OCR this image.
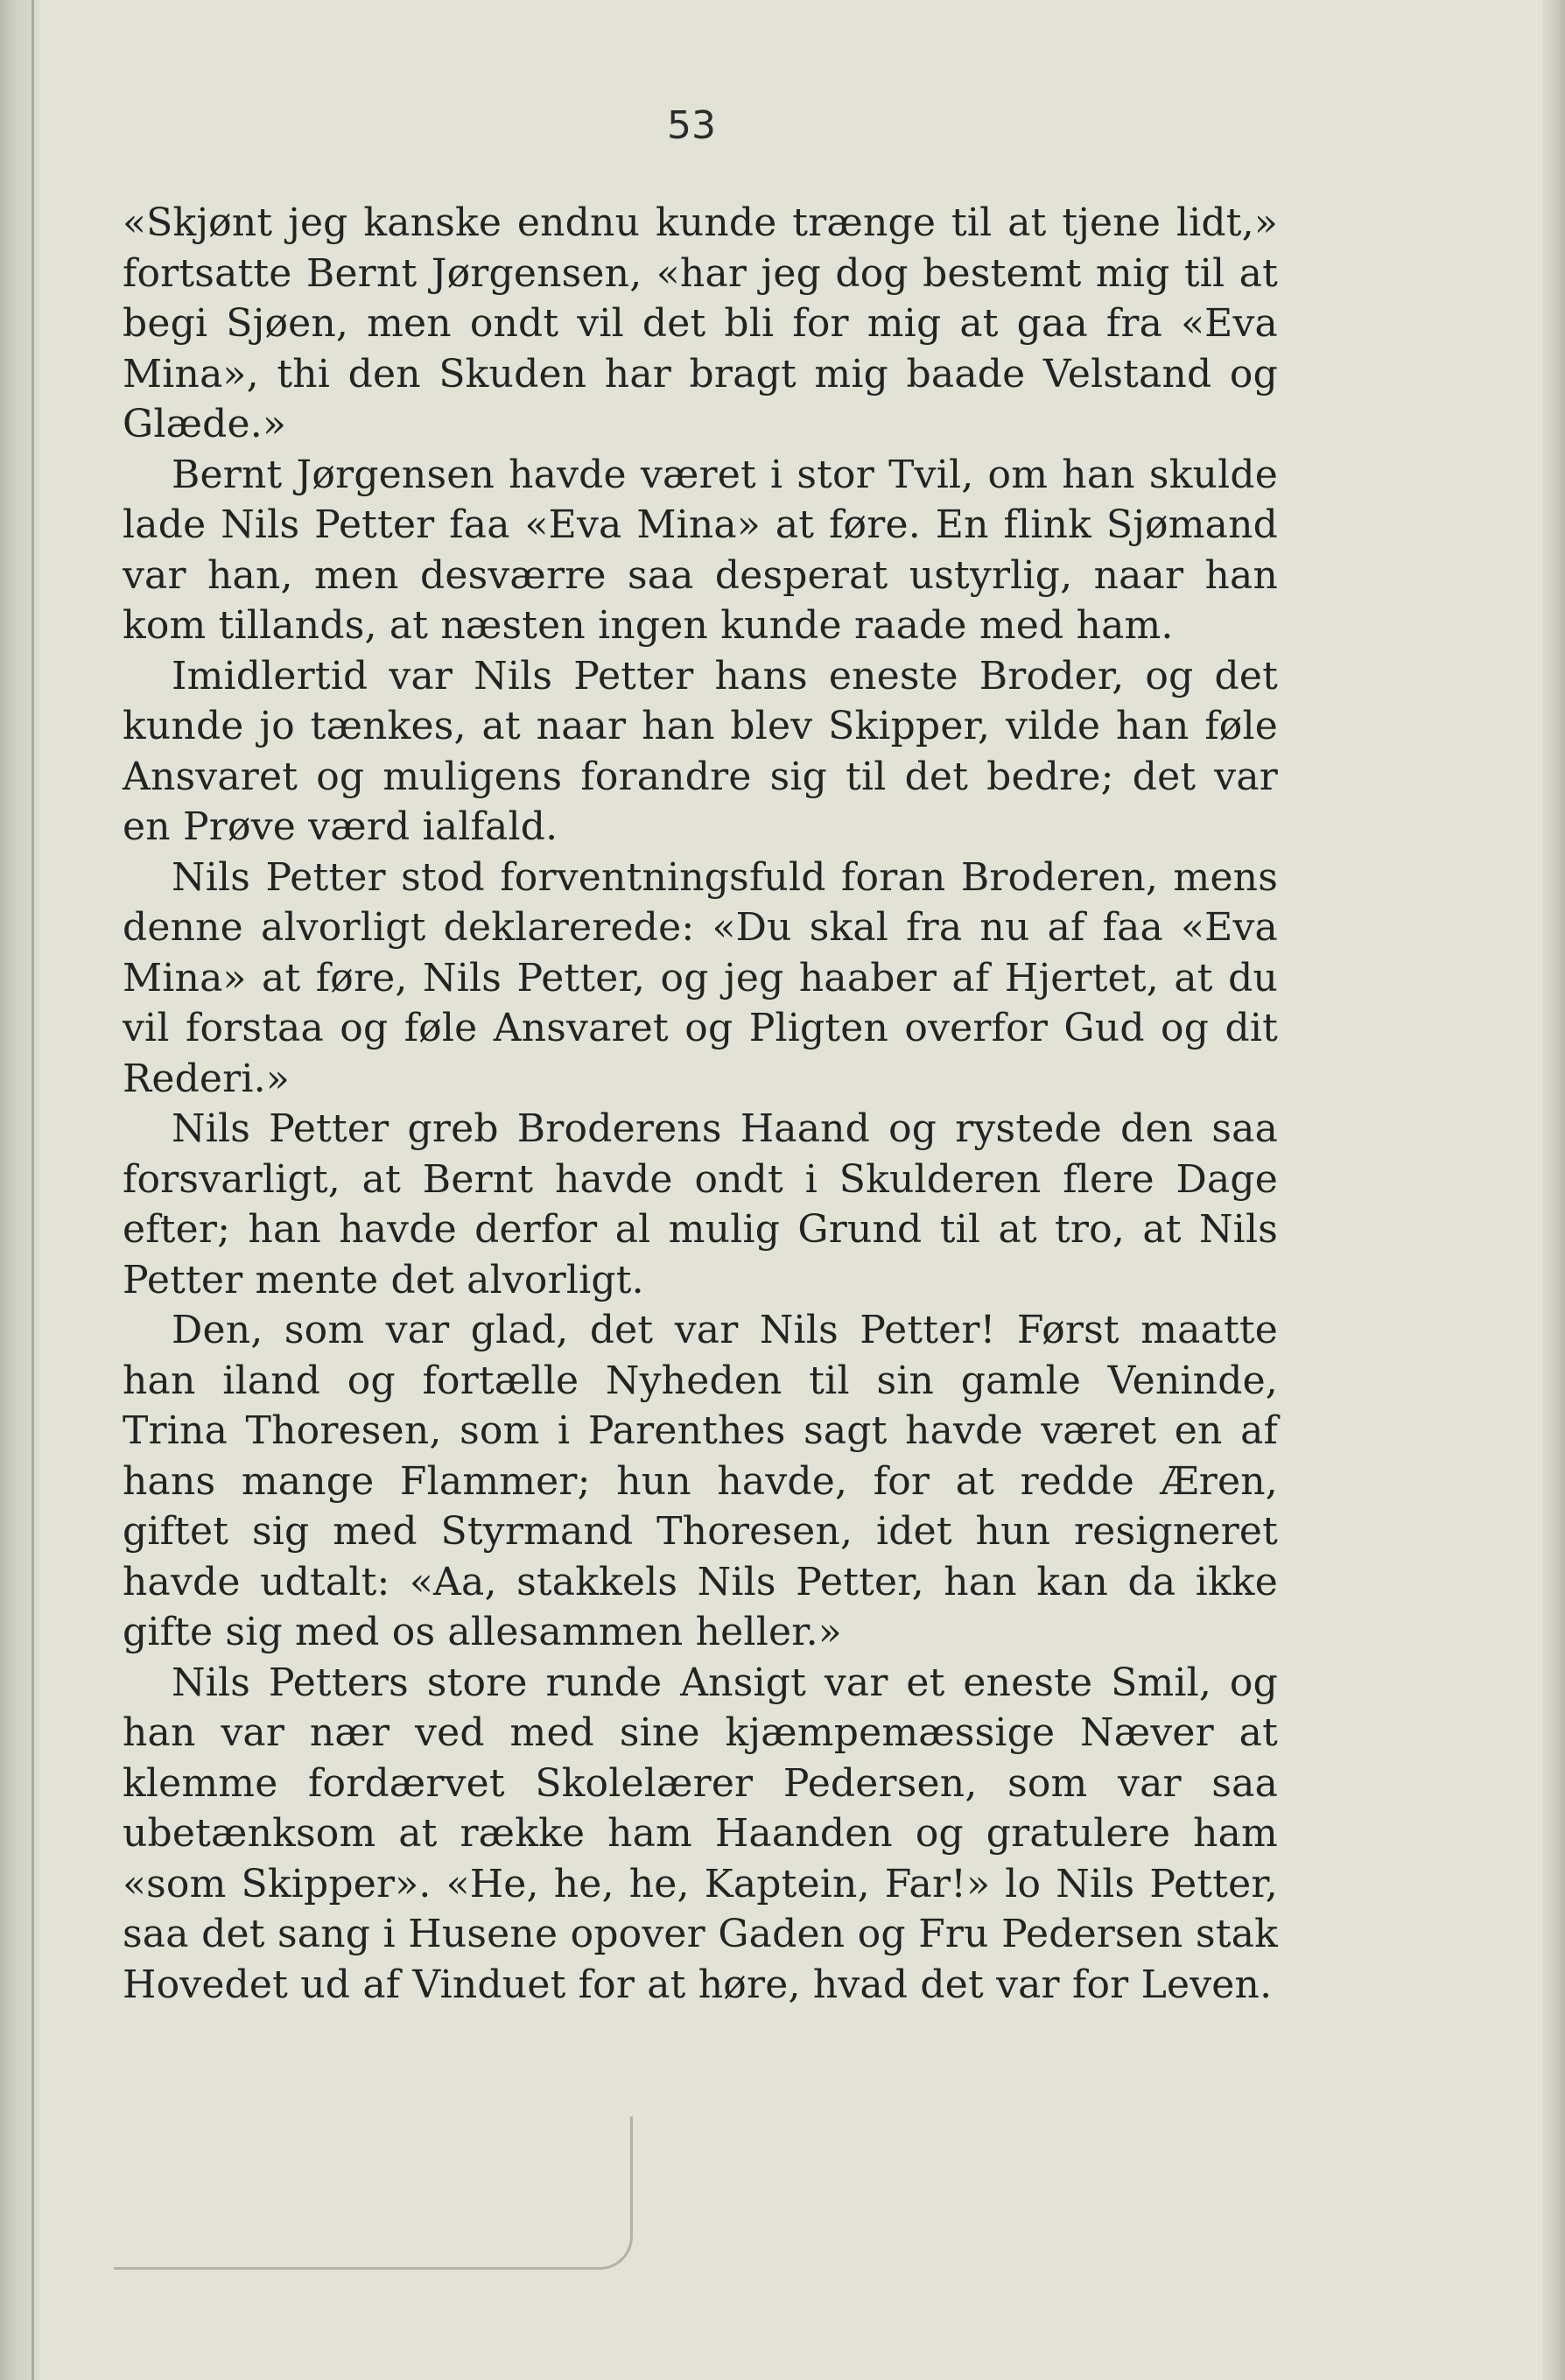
53

«Skjønt jeg kanske endnu kunde trænge til at tjene lidt,» fortsatte Bernt Jørgensen, «har jeg dog bestemt mig til at begi Sjøen, men ondt vil det bli for mig at gaa fra «Eva Mina», thi den Skuden har bragt mig baade Velstand og Glæde.»

Bernt Jørgensen havde været i stor Tvil, om han skulde lade Nils Petter faa «Eva Mina» at føre. En flink Sjømand var han, men desværre saa desperat ustyrlig, naar han kom tillands, at næsten ingen kunde raade med ham.

Imidlertid var Nils Petter hans eneste Broder, og det kunde jo tænkes, at naar han blev Skipper, vilde han føle Ansvaret og muligens forandre sig til det bedre; det var en Prøve værd ialfald.

Nils Petter stod forventningsfuld foran Broderen, mens denne alvorligt deklarerede: «Du skal fra nu af faa «Eva Mina» at føre, Nils Petter, og jeg haaber af Hjertet, at du vil forstaa og føle Ansvaret og Pligten overfor Gud og dit Rederi.»

Nils Petter greb Broderens Haand og rystede den saa forsvarligt, at Bernt havde ondt i Skulderen flere Dage efter; han havde derfor al mulig Grund til at tro, at Nils Petter mente det alvorligt.

Den, som var glad, det var Nils Petter! Først maatte han iland og fortælle Nyheden til sin gamle Veninde, Trina Thoresen, som i Parenthes sagt havde været en af hans mange Flammer; hun havde, for at redde Æren, giftet sig med Styrmand Thoresen, idet hun resigneret havde udtalt: «Aa, stakkels Nils Petter, han kan da ikke gifte sig med os allesammen heller.»

Nils Petters store runde Ansigt var et eneste Smil, og han var nær ved med sine kjæmpemæssige Næver at klemme fordærvet Skolelærer Pedersen, som var saa ubetænksom at række ham Haanden og gratulere ham «som Skipper». «He, he, he, Kaptein, Far!» lo Nils Petter, saa det sang i Husene opover Gaden og Fru Pedersen stak Hovedet ud af Vinduet for at høre, hvad det var for Leven.
